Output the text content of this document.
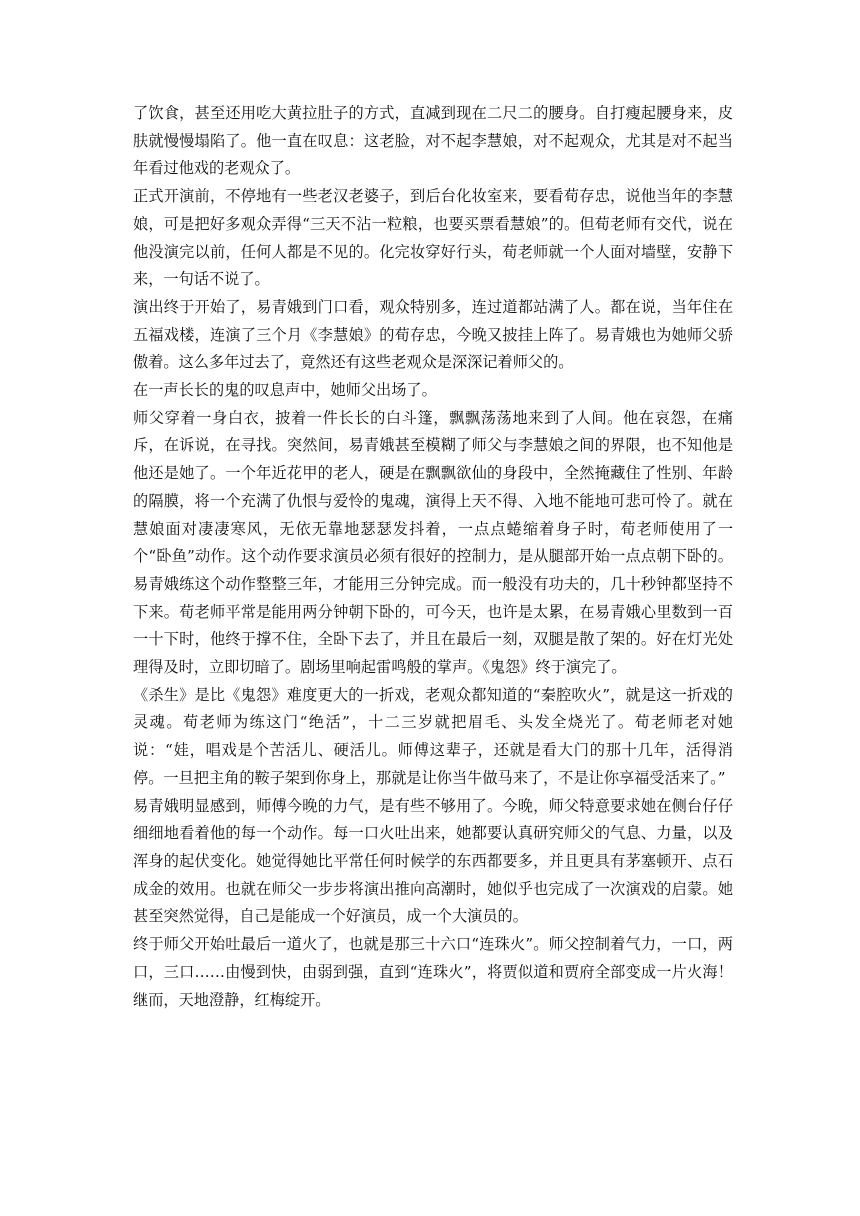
了饮食，甚至还用吃大黄拉肚子的方式，直减到现在二尺二的腰身。自打瘦起腰身来，皮肤就慢慢塌陷了。他一直在叹息：这老脸，对不起李慧娘，对不起观众，尤其是对不起当年看过他戏的老观众了。

正式开演前，不停地有一些老汉老婆子，到后台化妆室来，要看荀存忠，说他当年的李慧娘，可是把好多观众弄得“三天不沾一粒粮，也要买票看慧娘”的。但荀老师有交代，说在他没演完以前，任何人都是不见的。化完妆穿好行头，荀老师就一个人面对墙壁，安静下来，一句话不说了。

演出终于开始了，易青娥到门口看，观众特别多，连过道都站满了人。都在说，当年住在五福戏楼，连演了三个月《李慧娘》的荀存忠，今晚又披挂上阵了。易青娥也为她师父骄傲着。这么多年过去了，竟然还有这些老观众是深深记着师父的。

在一声长长的鬼的叹息声中，她师父出场了。

师父穿着一身白衣，披着一件长长的白斗篷，飘飘荡荡地来到了人间。他在哀怨，在痛斥，在诉说，在寻找。突然间，易青娥甚至模糊了师父与李慧娘之间的界限，也不知他是他还是她了。一个年近花甲的老人，硬是在飘飘欲仙的身段中，全然掩藏住了性别、年龄的隔膜，将一个充满了仇恨与爱怜的鬼魂，演得上天不得、入地不能地可悲可怜了。就在慧娘面对凄凄寒风，无依无靠地瑟瑟发抖着，一点点蜷缩着身子时，荀老师使用了一个“卧鱼”动作。这个动作要求演员必须有很好的控制力，是从腿部开始一点点朝下卧的。易青娥练这个动作整整三年，才能用三分钟完成。而一般没有功夫的，几十秒钟都坚持不下来。荀老师平常是能用两分钟朝下卧的，可今天，也许是太累，在易青娥心里数到一百一十下时，他终于撑不住，全卧下去了，并且在最后一刻，双腿是散了架的。好在灯光处理得及时，立即切暗了。剧场里响起雷鸣般的掌声。《鬼怨》终于演完了。

《杀生》是比《鬼怨》难度更大的一折戏，老观众都知道的“秦腔吹火”，就是这一折戏的灵魂。荀老师为练这门“绝活”，十二三岁就把眉毛、头发全烧光了。荀老师老对她说：“娃，唱戏是个苦活儿、硬活儿。师傅这辈子，还就是看大门的那十几年，活得消停。一旦把主角的鞍子架到你身上，那就是让你当牛做马来了，不是让你享福受活来了。”

易青娥明显感到，师傅今晚的力气，是有些不够用了。今晚，师父特意要求她在侧台仔仔细细地看着他的每一个动作。每一口火吐出来，她都要认真研究师父的气息、力量，以及浑身的起伏变化。她觉得她比平常任何时候学的东西都要多，并且更具有茅塞顿开、点石成金的效用。也就在师父一步步将演出推向高潮时，她似乎也完成了一次演戏的启蒙。她甚至突然觉得，自己是能成一个好演员，成一个大演员的。

终于师父开始吐最后一道火了，也就是那三十六口“连珠火”。师父控制着气力，一口，两口，三口……由慢到快，由弱到强，直到“连珠火”，将贾似道和贾府全部变成一片火海！继而，天地澄静，红梅绽开。
